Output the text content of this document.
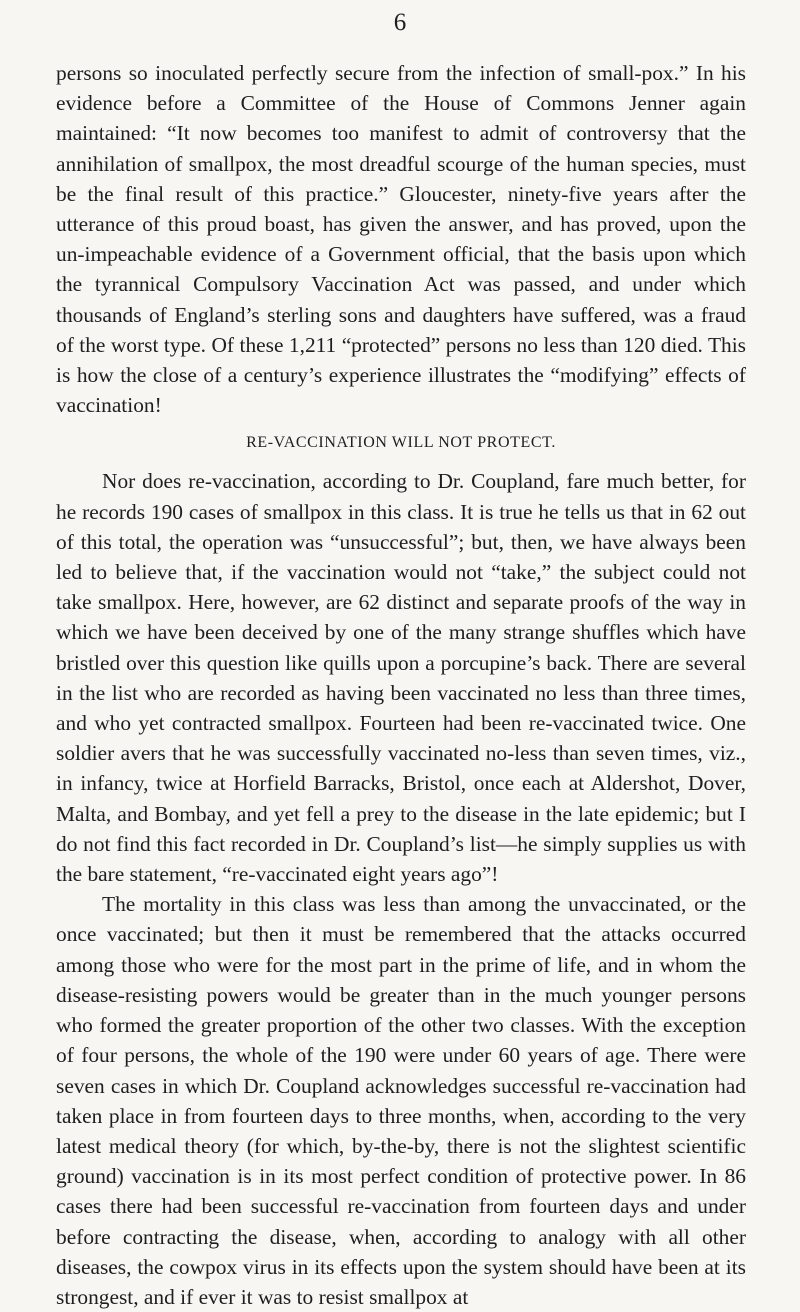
6

persons so inoculated perfectly secure from the infection of small-pox.” In his evidence before a Committee of the House of Commons Jenner again maintained: “It now becomes too manifest to admit of controversy that the annihilation of smallpox, the most dreadful scourge of the human species, must be the final result of this practice.” Gloucester, ninety-five years after the utterance of this proud boast, has given the answer, and has proved, upon the un-impeachable evidence of a Government official, that the basis upon which the tyrannical Compulsory Vaccination Act was passed, and under which thousands of England’s sterling sons and daughters have suffered, was a fraud of the worst type. Of these 1,211 “protected” persons no less than 120 died. This is how the close of a century’s experience illustrates the “modifying” effects of vaccination!

RE-VACCINATION WILL NOT PROTECT.

Nor does re-vaccination, according to Dr. Coupland, fare much better, for he records 190 cases of smallpox in this class. It is true he tells us that in 62 out of this total, the operation was “unsuccessful”; but, then, we have always been led to believe that, if the vaccination would not “take,” the subject could not take smallpox. Here, however, are 62 distinct and separate proofs of the way in which we have been deceived by one of the many strange shuffles which have bristled over this question like quills upon a porcupine’s back. There are several in the list who are recorded as having been vaccinated no less than three times, and who yet contracted smallpox. Fourteen had been re-vaccinated twice. One soldier avers that he was successfully vaccinated no-less than seven times, viz., in infancy, twice at Horfield Barracks, Bristol, once each at Aldershot, Dover, Malta, and Bombay, and yet fell a prey to the disease in the late epidemic; but I do not find this fact recorded in Dr. Coupland’s list—he simply supplies us with the bare statement, “re-vaccinated eight years ago”!

The mortality in this class was less than among the unvaccinated, or the once vaccinated; but then it must be remembered that the attacks occurred among those who were for the most part in the prime of life, and in whom the disease-resisting powers would be greater than in the much younger persons who formed the greater proportion of the other two classes. With the exception of four persons, the whole of the 190 were under 60 years of age. There were seven cases in which Dr. Coupland acknowledges successful re-vaccination had taken place in from fourteen days to three months, when, according to the very latest medical theory (for which, by-the-by, there is not the slightest scientific ground) vaccination is in its most perfect condition of protective power. In 86 cases there had been successful re-vaccination from fourteen days and under before contracting the disease, when, according to analogy with all other diseases, the cowpox virus in its effects upon the system should have been at its strongest, and if ever it was to resist smallpox at
